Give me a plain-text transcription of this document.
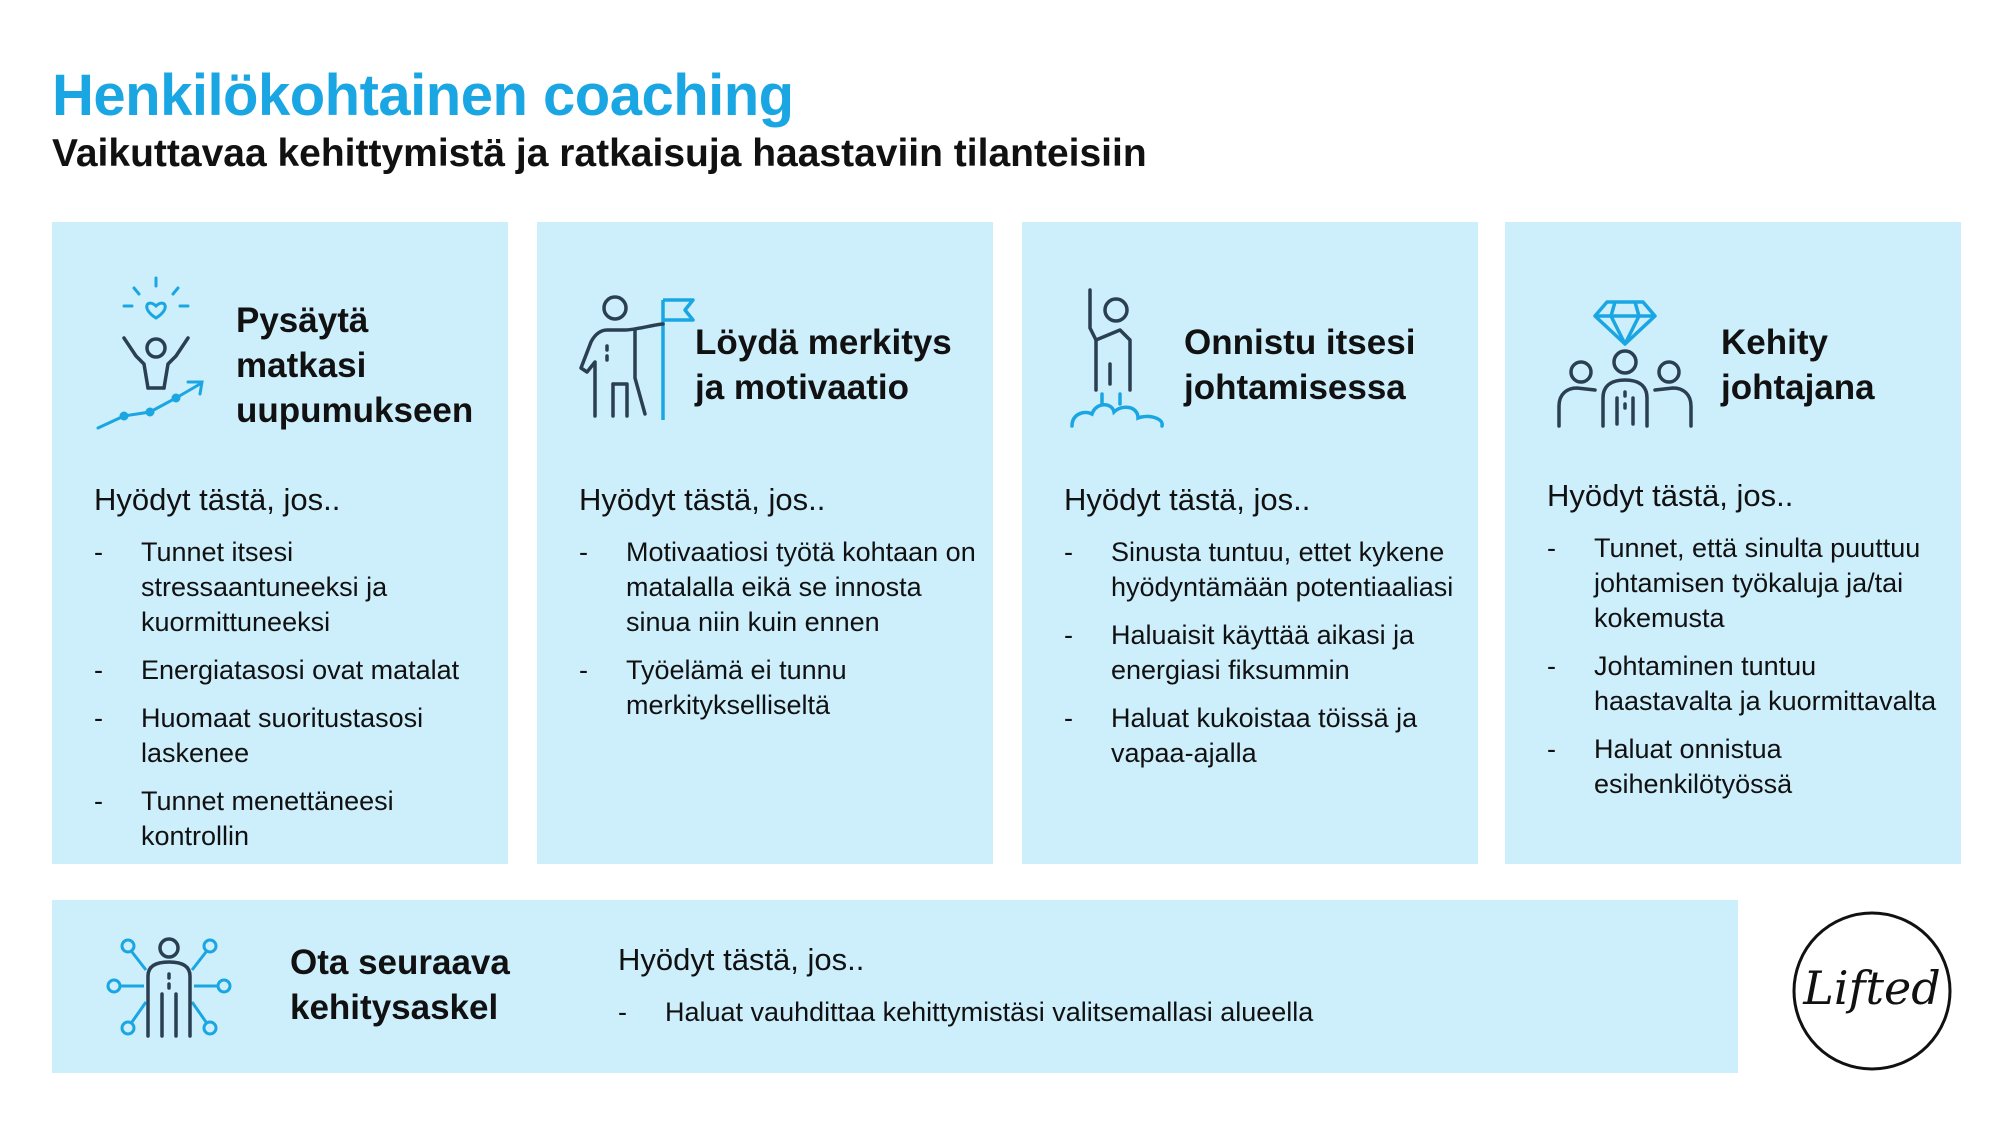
Henkilökohtainen coaching
Vaikuttavaa kehittymistä ja ratkaisuja haastaviin tilanteisiin
Pysäytä
matkasi
uupumukseen
Hyödyt tästä, jos..
- Tunnet itsesi stressaantuneeksi ja kuormittuneeksi
- Energiatasosi ovat matalat
- Huomaat suoritustasosi laskenee
- Tunnet menettäneesi kontrollin
Löydä merkitys
ja motivaatio
Hyödyt tästä, jos..
- Motivaatiosi työtä kohtaan on matalalla eikä se innosta sinua niin kuin ennen
- Työelämä ei tunnu merkitykselliseltä
Onnistu itsesi
johtamisessa
Hyödyt tästä, jos..
- Sinusta tuntuu, ettet kykene hyödyntämään potentiaaliasi
- Haluaisit käyttää aikasi ja energiasi fiksummin
- Haluat kukoistaa töissä ja vapaa-ajalla
Kehity
johtajana
Hyödyt tästä, jos..
- Tunnet, että sinulta puuttuu johtamisen työkaluja ja/tai kokemusta
- Johtaminen tuntuu haastavalta ja kuormittavalta
- Haluat onnistua esihenkilötyössä
Ota seuraava
kehitysaskel
Hyödyt tästä, jos..
- Haluat vauhdittaa kehittymistäsi valitsemallasi alueella	Lifted
